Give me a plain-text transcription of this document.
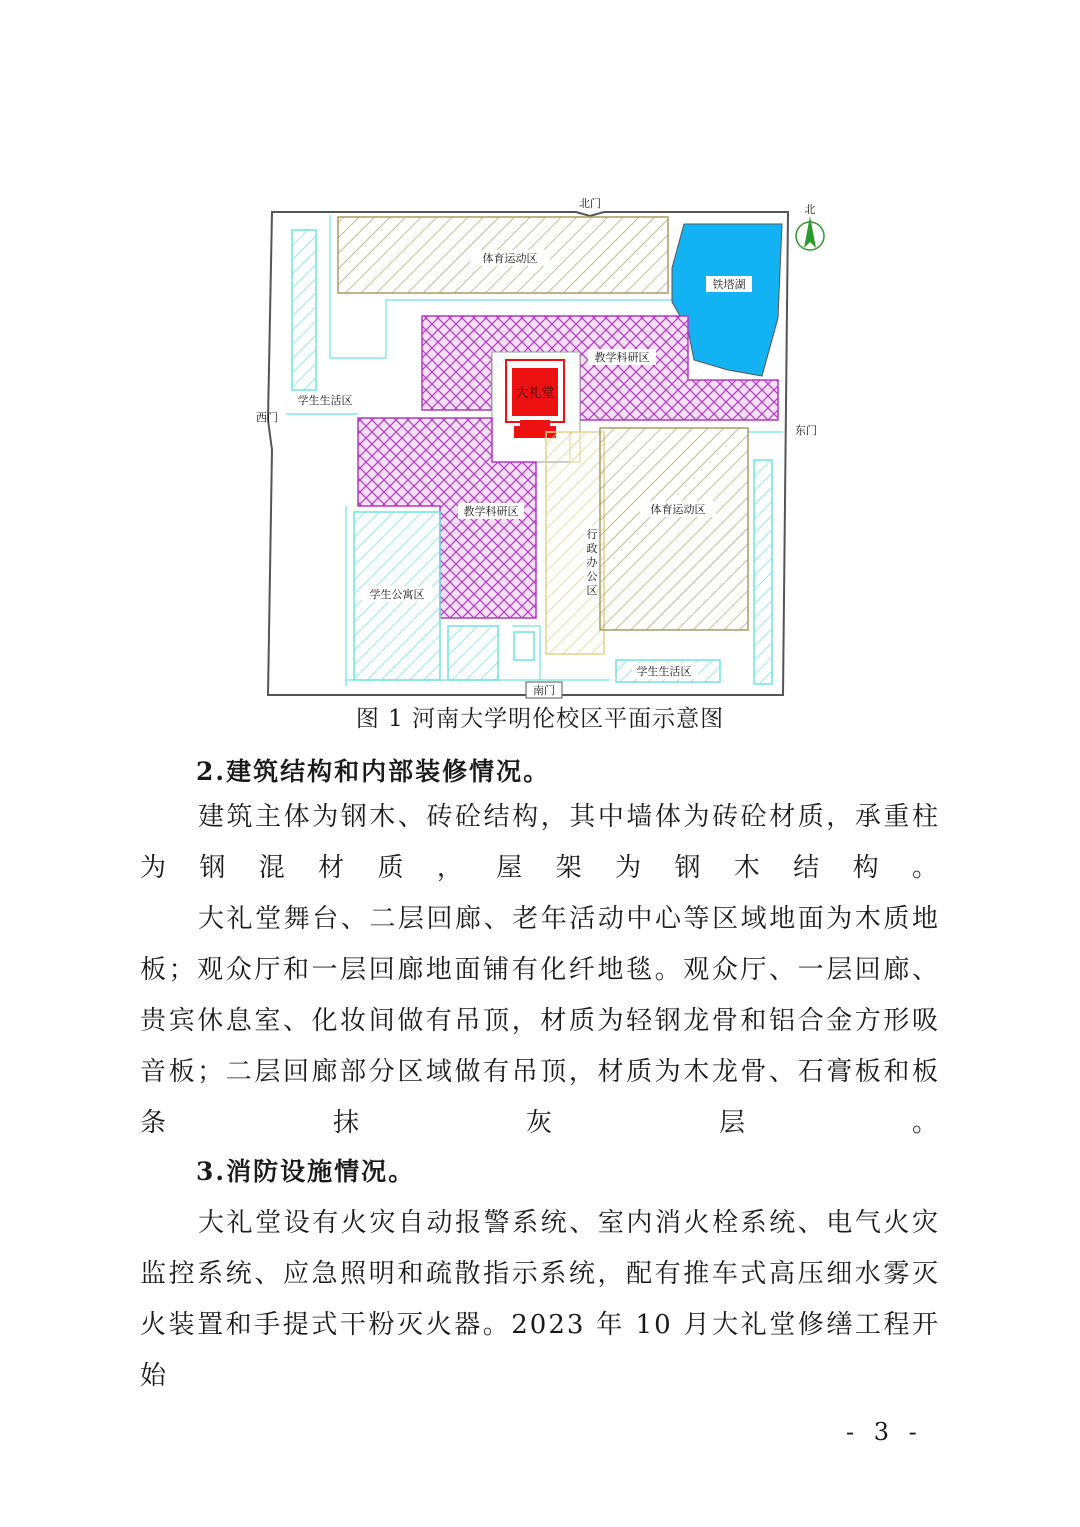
体育运动区
铁塔湖
北
教学科研区
大礼堂
教学科研区
行
政
办
公
区
体育运动区
学生生活区
学生公寓区
学生生活区
北门
西门
东门
南门
图 1 河南大学明伦校区平面示意图
2.建筑结构和内部装修情况。
建筑主体为钢木、砖砼结构，其中墙体为砖砼材质，承重柱为钢混材质，屋架为钢木结构。
大礼堂舞台、二层回廊、老年活动中心等区域地面为木质地板；观众厅和一层回廊地面铺有化纤地毯。观众厅、一层回廊、贵宾休息室、化妆间做有吊顶，材质为轻钢龙骨和铝合金方形吸音板；二层回廊部分区域做有吊顶，材质为木龙骨、石膏板和板条抹灰层。
3.消防设施情况。
大礼堂设有火灾自动报警系统、室内消火栓系统、电气火灾监控系统、应急照明和疏散指示系统，配有推车式高压细水雾灭火装置和手提式干粉灭火器。2023 年 10 月大礼堂修缮工程开始
- 3 -
